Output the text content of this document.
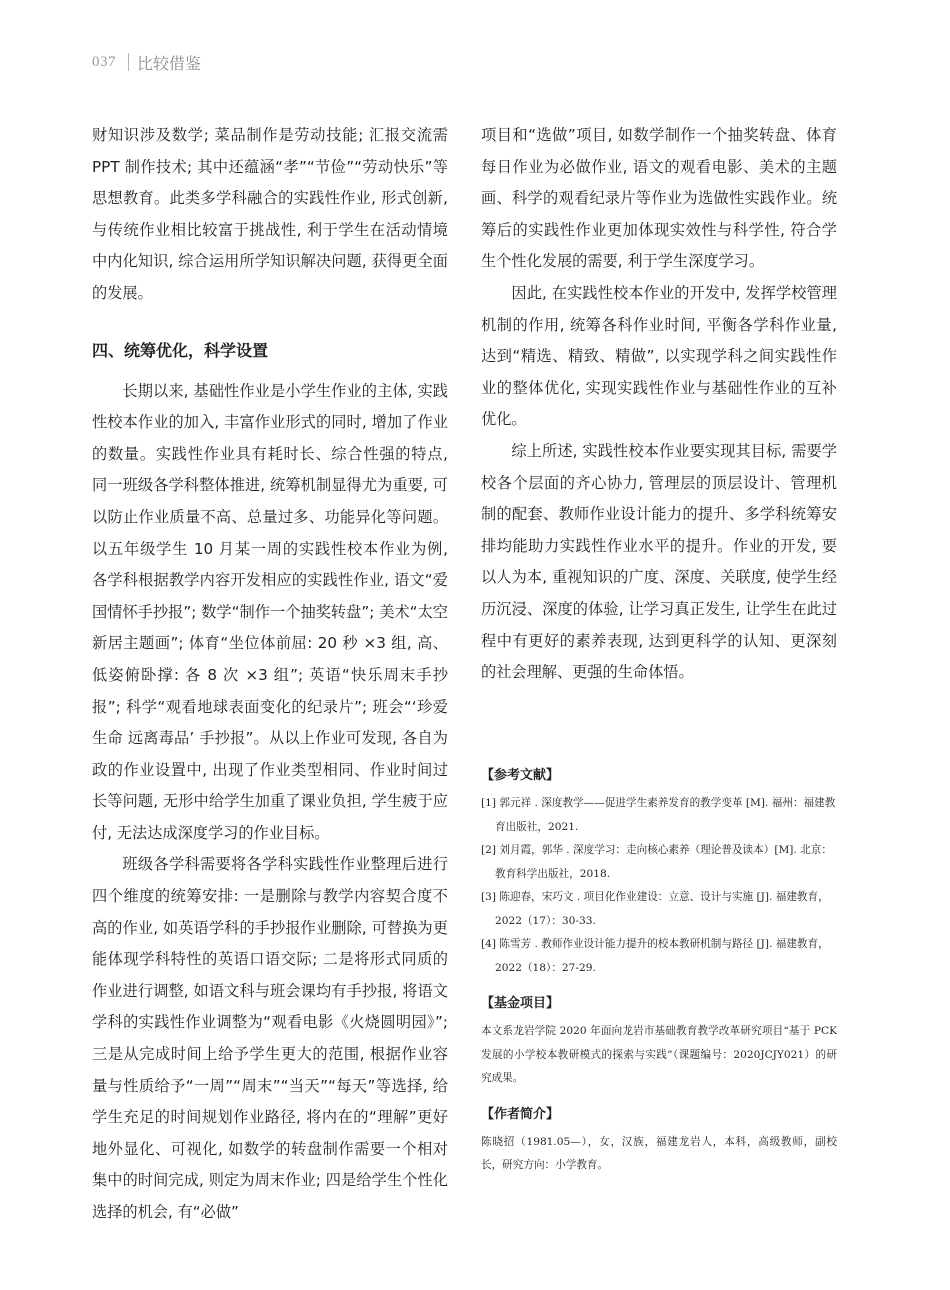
037 比较借鉴

财知识涉及数学; 菜品制作是劳动技能; 汇报交流需PPT 制作技术; 其中还蕴涵“孝”“节俭”“劳动快乐”等思想教育。此类多学科融合的实践性作业, 形式创新, 与传统作业相比较富于挑战性, 利于学生在活动情境中内化知识, 综合运用所学知识解决问题, 获得更全面的发展。

四、统筹优化，科学设置

长期以来, 基础性作业是小学生作业的主体, 实践性校本作业的加入, 丰富作业形式的同时, 增加了作业的数量。实践性作业具有耗时长、综合性强的特点, 同一班级各学科整体推进, 统筹机制显得尤为重要, 可以防止作业质量不高、总量过多、功能异化等问题。以五年级学生 10 月某一周的实践性校本作业为例, 各学科根据教学内容开发相应的实践性作业, 语文“爱国情怀手抄报”; 数学“制作一个抽奖转盘”; 美术“太空新居主题画”; 体育“坐位体前屈: 20 秒 ×3 组, 高、低姿俯卧撑: 各 8 次 ×3 组”; 英语“快乐周末手抄报”; 科学“观看地球表面变化的纪录片”; 班会“‘珍爱生命 远离毒品’ 手抄报”。从以上作业可发现, 各自为政的作业设置中, 出现了作业类型相同、作业时间过长等问题, 无形中给学生加重了课业负担, 学生疲于应付, 无法达成深度学习的作业目标。

班级各学科需要将各学科实践性作业整理后进行四个维度的统筹安排: 一是删除与教学内容契合度不高的作业, 如英语学科的手抄报作业删除, 可替换为更能体现学科特性的英语口语交际; 二是将形式同质的作业进行调整, 如语文科与班会课均有手抄报, 将语文学科的实践性作业调整为“观看电影《火烧圆明园》”; 三是从完成时间上给予学生更大的范围, 根据作业容量与性质给予“一周”“周末”“当天”“每天”等选择, 给学生充足的时间规划作业路径, 将内在的“理解”更好地外显化、可视化, 如数学的转盘制作需要一个相对集中的时间完成, 则定为周末作业; 四是给学生个性化选择的机会, 有“必做”

项目和“选做”项目, 如数学制作一个抽奖转盘、体育每日作业为必做作业, 语文的观看电影、美术的主题画、科学的观看纪录片等作业为选做性实践作业。统筹后的实践性作业更加体现实效性与科学性, 符合学生个性化发展的需要, 利于学生深度学习。

因此, 在实践性校本作业的开发中, 发挥学校管理机制的作用, 统筹各科作业时间, 平衡各学科作业量, 达到“精选、精致、精做”, 以实现学科之间实践性作业的整体优化, 实现实践性作业与基础性作业的互补优化。

综上所述, 实践性校本作业要实现其目标, 需要学校各个层面的齐心协力, 管理层的顶层设计、管理机制的配套、教师作业设计能力的提升、多学科统筹安排均能助力实践性作业水平的提升。作业的开发, 要以人为本, 重视知识的广度、深度、关联度, 使学生经历沉浸、深度的体验, 让学习真正发生, 让学生在此过程中有更好的素养表现, 达到更科学的认知、更深刻的社会理解、更强的生命体悟。

【参考文献】

[1] 郭元祥 . 深度教学——促进学生素养发育的教学变革 [M]. 福州：福建教育出版社，2021.

[2] 刘月霞，郭华 . 深度学习：走向核心素养（理论普及读本）[M]. 北京：教育科学出版社，2018.

[3] 陈迎春，宋巧文 . 项目化作业建设：立意、设计与实施 [J]. 福建教育，2022（17）：30-33.

[4] 陈雪芳 . 教师作业设计能力提升的校本教研机制与路径 [J]. 福建教育，2022（18）：27-29.

【基金项目】

本文系龙岩学院 2020 年面向龙岩市基础教育教学改革研究项目“基于 PCK 发展的小学校本教研模式的探索与实践”（课题编号：2020JCJY021）的研究成果。

【作者简介】

陈晓招（1981.05—），女，汉族，福建龙岩人，本科，高级教师，副校长，研究方向：小学教育。
